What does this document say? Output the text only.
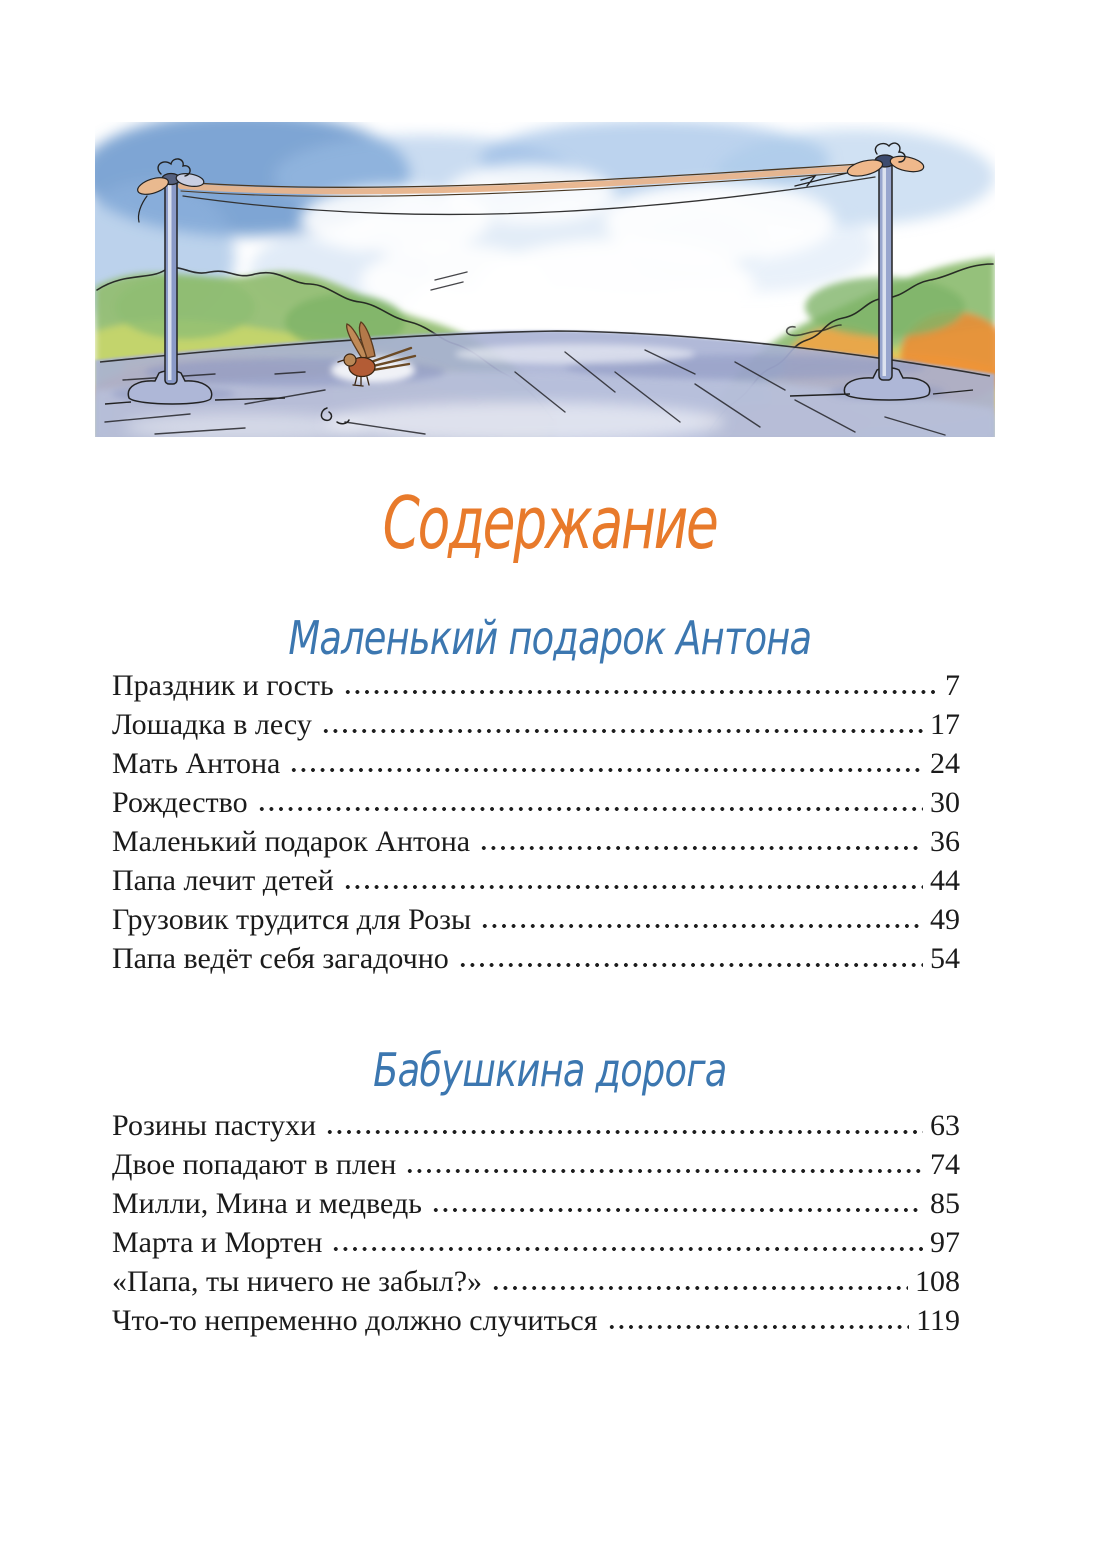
Содержание
Маленький подарок Антона
Праздник и гость	7
Лошадка в лесу	17
Мать Антона	24
Рождество	30
Маленький подарок Антона	36
Папа лечит детей	44
Грузовик трудится для Розы	49
Папа ведёт себя загадочно	54
Бабушкина дорога
Розины пастухи	63
Двое попадают в плен	74
Милли, Мина и медведь	85
Марта и Мортен	97
«Папа, ты ничего не забыл?»	108
Что-то непременно должно случиться	119
